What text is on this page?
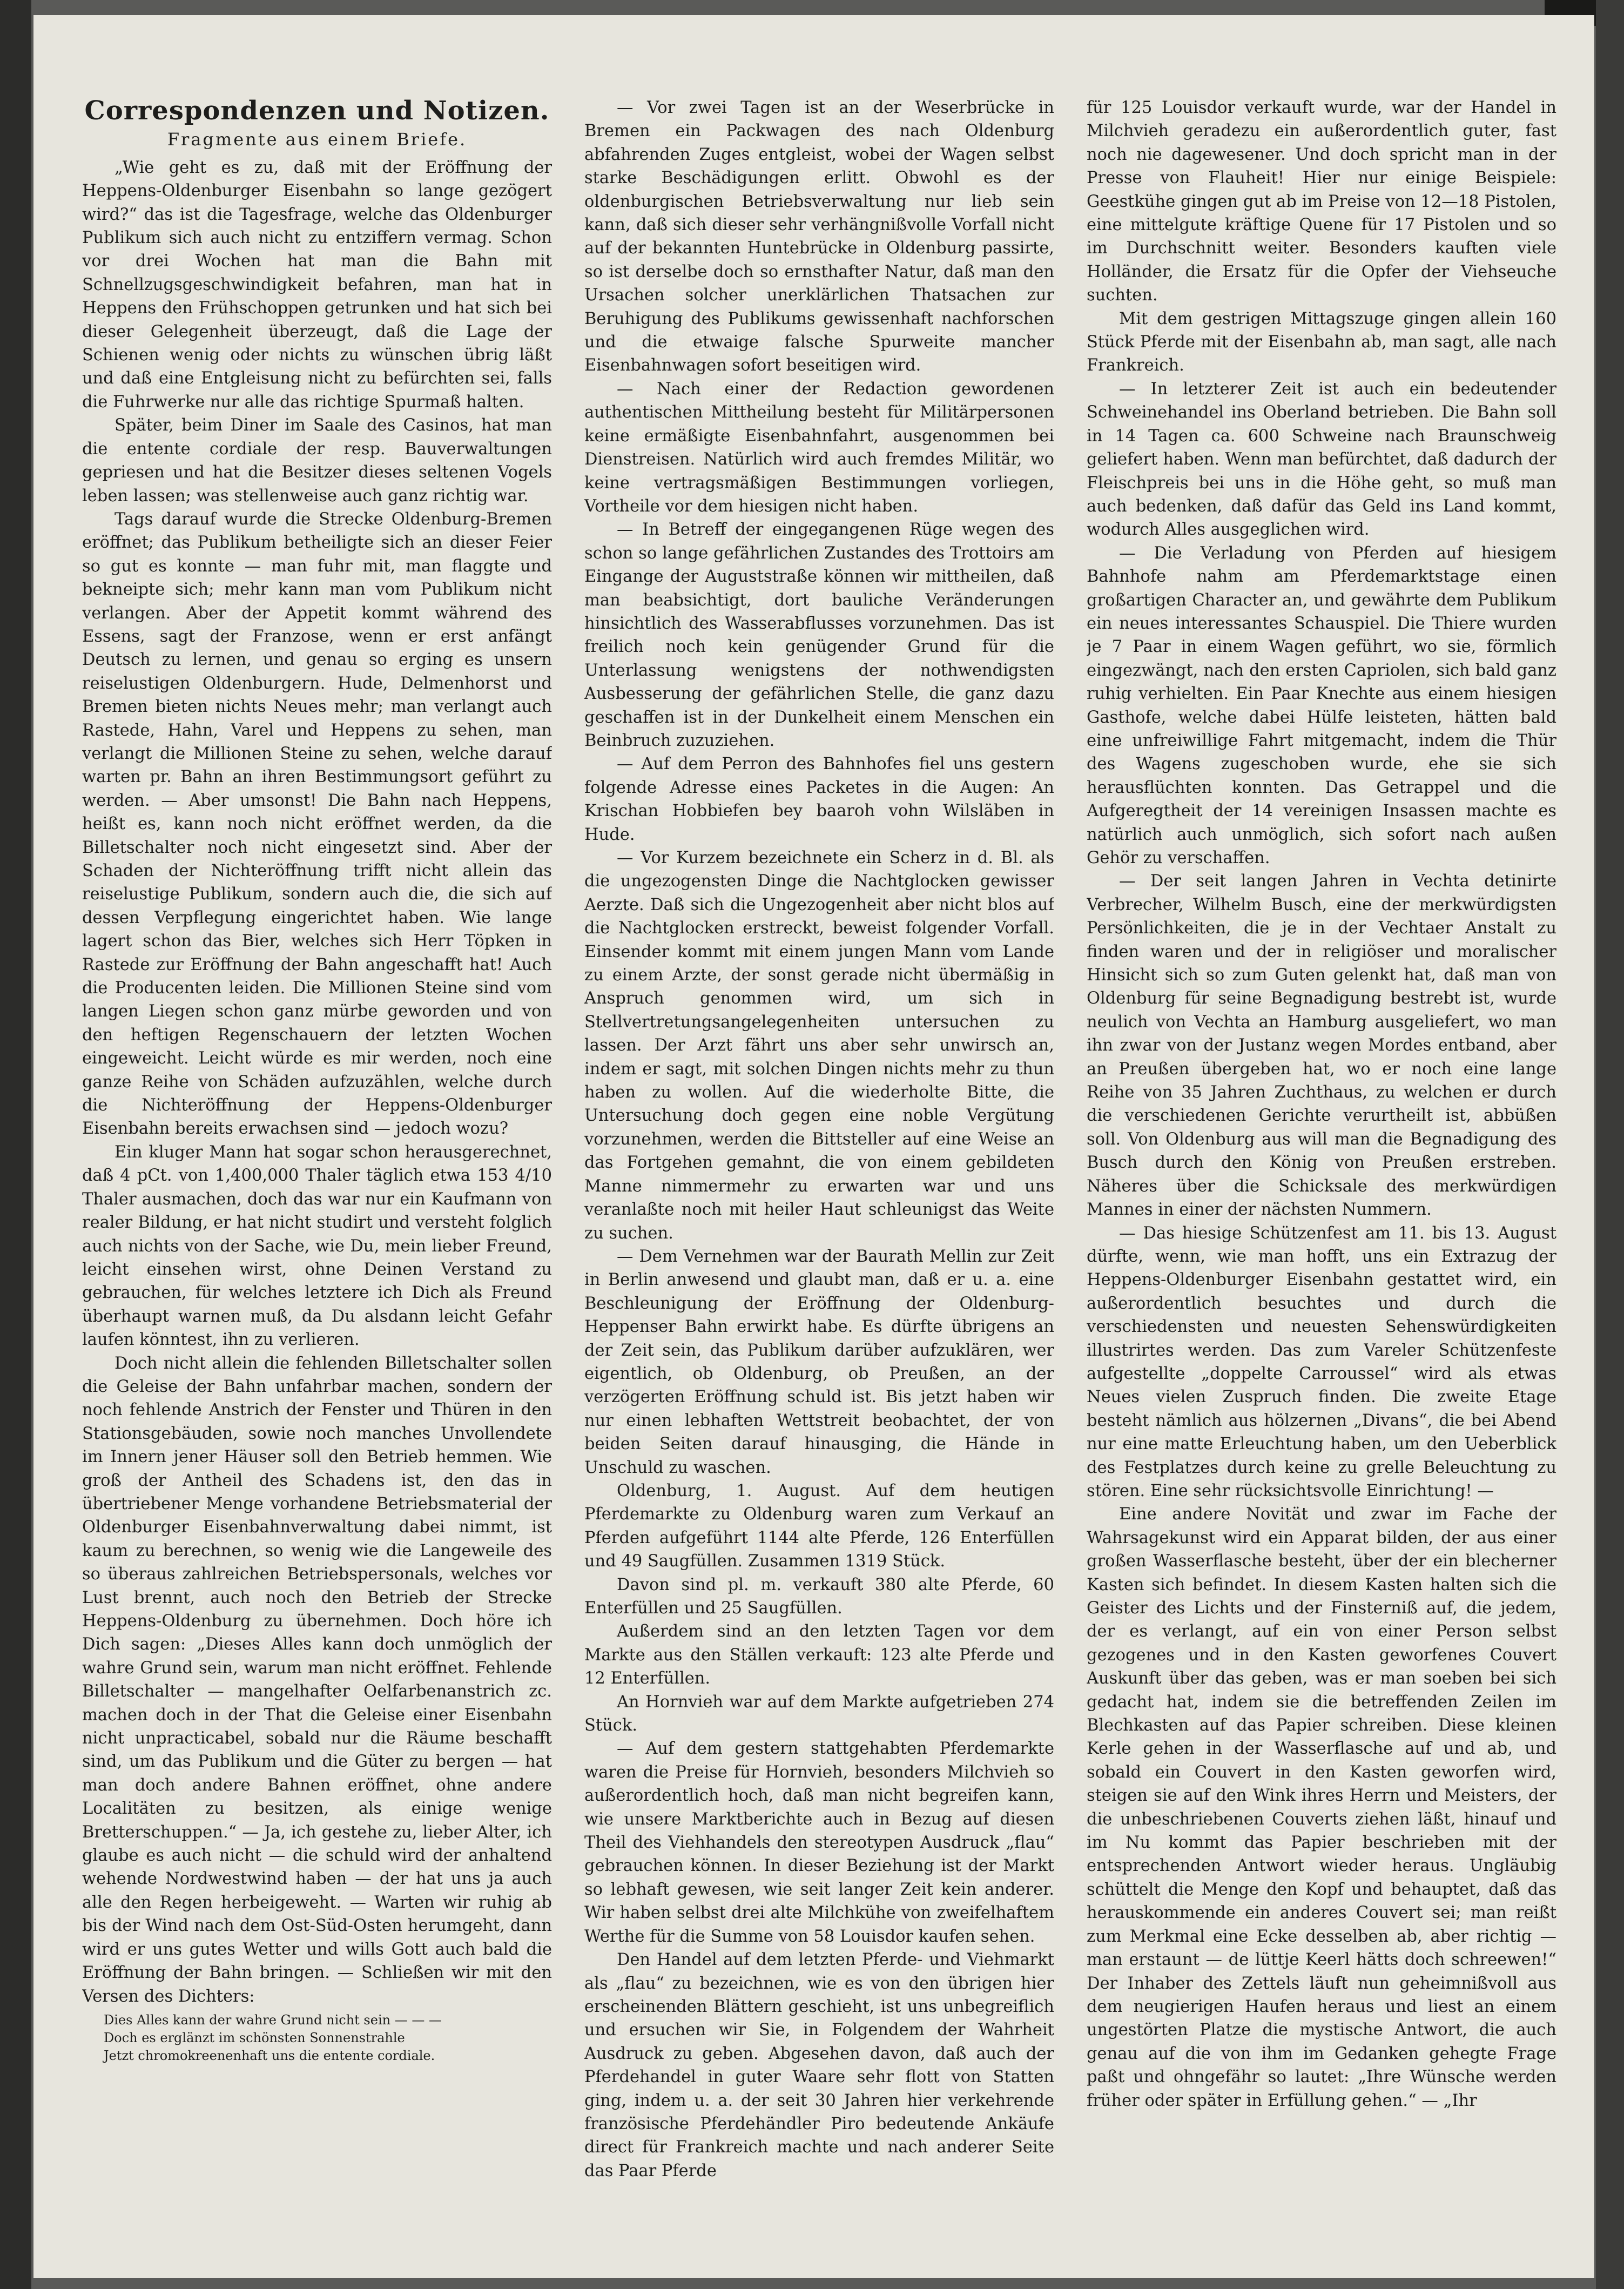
Correspondenzen und Notizen.
Fragmente aus einem Briefe.

„Wie geht es zu, daß mit der Eröffnung der Heppens-Oldenburger Eisenbahn so lange gezögert wird?“ das ist die Tagesfrage, welche das Oldenburger Publikum sich auch nicht zu entziffern vermag. Schon vor drei Wochen hat man die Bahn mit Schnellzugsgeschwindigkeit befahren, man hat in Heppens den Frühschoppen getrunken und hat sich bei dieser Gelegenheit überzeugt, daß die Lage der Schienen wenig oder nichts zu wünschen übrig läßt und daß eine Entgleisung nicht zu befürchten sei, falls die Fuhrwerke nur alle das richtige Spurmaß halten.

Später, beim Diner im Saale des Casinos, hat man die entente cordiale der resp. Bauverwaltungen gepriesen und hat die Besitzer dieses seltenen Vogels leben lassen; was stellenweise auch ganz richtig war.

Tags darauf wurde die Strecke Oldenburg-Bremen eröffnet; das Publikum betheiligte sich an dieser Feier so gut es konnte — man fuhr mit, man flaggte und bekneipte sich; mehr kann man vom Publikum nicht verlangen. Aber der Appetit kommt während des Essens, sagt der Franzose, wenn er erst anfängt Deutsch zu lernen, und genau so erging es unsern reiselustigen Oldenburgern. Hude, Delmenhorst und Bremen bieten nichts Neues mehr; man verlangt auch Rastede, Hahn, Varel und Heppens zu sehen, man verlangt die Millionen Steine zu sehen, welche darauf warten pr. Bahn an ihren Bestimmungsort geführt zu werden. — Aber umsonst! Die Bahn nach Heppens, heißt es, kann noch nicht eröffnet werden, da die Billetschalter noch nicht eingesetzt sind. Aber der Schaden der Nichteröffnung trifft nicht allein das reiselustige Publikum, sondern auch die, die sich auf dessen Verpflegung eingerichtet haben. Wie lange lagert schon das Bier, welches sich Herr Töpken in Rastede zur Eröffnung der Bahn angeschafft hat! Auch die Producenten leiden. Die Millionen Steine sind vom langen Liegen schon ganz mürbe geworden und von den heftigen Regenschauern der letzten Wochen eingeweicht. Leicht würde es mir werden, noch eine ganze Reihe von Schäden aufzuzählen, welche durch die Nichteröffnung der Heppens-Oldenburger Eisenbahn bereits erwachsen sind — jedoch wozu?

Ein kluger Mann hat sogar schon herausgerechnet, daß 4 pCt. von 1,400,000 Thaler täglich etwa 153 4/10 Thaler ausmachen, doch das war nur ein Kaufmann von realer Bildung, er hat nicht studirt und versteht folglich auch nichts von der Sache, wie Du, mein lieber Freund, leicht einsehen wirst, ohne Deinen Verstand zu gebrauchen, für welches letztere ich Dich als Freund überhaupt warnen muß, da Du alsdann leicht Gefahr laufen könntest, ihn zu verlieren.

Doch nicht allein die fehlenden Billetschalter sollen die Geleise der Bahn unfahrbar machen, sondern der noch fehlende Anstrich der Fenster und Thüren in den Stationsgebäuden, sowie noch manches Unvollendete im Innern jener Häuser soll den Betrieb hemmen. Wie groß der Antheil des Schadens ist, den das in übertriebener Menge vorhandene Betriebsmaterial der Oldenburger Eisenbahnverwaltung dabei nimmt, ist kaum zu berechnen, so wenig wie die Langeweile des so überaus zahlreichen Betriebspersonals, welches vor Lust brennt, auch noch den Betrieb der Strecke Heppens-Oldenburg zu übernehmen. Doch höre ich Dich sagen: „Dieses Alles kann doch unmöglich der wahre Grund sein, warum man nicht eröffnet. Fehlende Billetschalter — mangelhafter Oelfarbenanstrich zc. machen doch in der That die Geleise einer Eisenbahn nicht unpracticabel, sobald nur die Räume beschafft sind, um das Publikum und die Güter zu bergen — hat man doch andere Bahnen eröffnet, ohne andere Localitäten zu besitzen, als einige wenige Bretterschuppen.“ — Ja, ich gestehe zu, lieber Alter, ich glaube es auch nicht — die schuld wird der anhaltend wehende Nordwestwind haben — der hat uns ja auch alle den Regen herbeigeweht. — Warten wir ruhig ab bis der Wind nach dem Ost-Süd-Osten herumgeht, dann wird er uns gutes Wetter und wills Gott auch bald die Eröffnung der Bahn bringen. — Schließen wir mit den Versen des Dichters:

Dies Alles kann der wahre Grund nicht sein — — —
Doch es erglänzt im schönsten Sonnenstrahle
Jetzt chromokreenenhaft uns die entente cordiale.

— Vor zwei Tagen ist an der Weserbrücke in Bremen ein Packwagen des nach Oldenburg abfahrenden Zuges entgleist, wobei der Wagen selbst starke Beschädigungen erlitt. Obwohl es der oldenburgischen Betriebsverwaltung nur lieb sein kann, daß sich dieser sehr verhängnißvolle Vorfall nicht auf der bekannten Huntebrücke in Oldenburg passirte, so ist derselbe doch so ernsthafter Natur, daß man den Ursachen solcher unerklärlichen Thatsachen zur Beruhigung des Publikums gewissenhaft nachforschen und die etwaige falsche Spurweite mancher Eisenbahnwagen sofort beseitigen wird.

— Nach einer der Redaction gewordenen authentischen Mittheilung besteht für Militärpersonen keine ermäßigte Eisenbahnfahrt, ausgenommen bei Dienstreisen. Natürlich wird auch fremdes Militär, wo keine vertragsmäßigen Bestimmungen vorliegen, Vortheile vor dem hiesigen nicht haben.

— In Betreff der eingegangenen Rüge wegen des schon so lange gefährlichen Zustandes des Trottoirs am Eingange der Auguststraße können wir mittheilen, daß man beabsichtigt, dort bauliche Veränderungen hinsichtlich des Wasserabflusses vorzunehmen. Das ist freilich noch kein genügender Grund für die Unterlassung wenigstens der nothwendigsten Ausbesserung der gefährlichen Stelle, die ganz dazu geschaffen ist in der Dunkelheit einem Menschen ein Beinbruch zuzuziehen.

— Auf dem Perron des Bahnhofes fiel uns gestern folgende Adresse eines Packetes in die Augen: An Krischan Hobbiefen bey baaroh vohn Wilsläben in Hude.

— Vor Kurzem bezeichnete ein Scherz in d. Bl. als die ungezogensten Dinge die Nachtglocken gewisser Aerzte. Daß sich die Ungezogenheit aber nicht blos auf die Nachtglocken erstreckt, beweist folgender Vorfall. Einsender kommt mit einem jungen Mann vom Lande zu einem Arzte, der sonst gerade nicht übermäßig in Anspruch genommen wird, um sich in Stellvertretungsangelegenheiten untersuchen zu lassen. Der Arzt fährt uns aber sehr unwirsch an, indem er sagt, mit solchen Dingen nichts mehr zu thun haben zu wollen. Auf die wiederholte Bitte, die Untersuchung doch gegen eine noble Vergütung vorzunehmen, werden die Bittsteller auf eine Weise an das Fortgehen gemahnt, die von einem gebildeten Manne nimmermehr zu erwarten war und uns veranlaßte noch mit heiler Haut schleunigst das Weite zu suchen.

— Dem Vernehmen war der Baurath Mellin zur Zeit in Berlin anwesend und glaubt man, daß er u. a. eine Beschleunigung der Eröffnung der Oldenburg-Heppenser Bahn erwirkt habe. Es dürfte übrigens an der Zeit sein, das Publikum darüber aufzuklären, wer eigentlich, ob Oldenburg, ob Preußen, an der verzögerten Eröffnung schuld ist. Bis jetzt haben wir nur einen lebhaften Wettstreit beobachtet, der von beiden Seiten darauf hinausging, die Hände in Unschuld zu waschen.

Oldenburg, 1. August. Auf dem heutigen Pferdemarkte zu Oldenburg waren zum Verkauf an Pferden aufgeführt 1144 alte Pferde, 126 Enterfüllen und 49 Saugfüllen. Zusammen 1319 Stück.

Davon sind pl. m. verkauft 380 alte Pferde, 60 Enterfüllen und 25 Saugfüllen.

Außerdem sind an den letzten Tagen vor dem Markte aus den Ställen verkauft: 123 alte Pferde und 12 Enterfüllen.

An Hornvieh war auf dem Markte aufgetrieben 274 Stück.

— Auf dem gestern stattgehabten Pferdemarkte waren die Preise für Hornvieh, besonders Milchvieh so außerordentlich hoch, daß man nicht begreifen kann, wie unsere Marktberichte auch in Bezug auf diesen Theil des Viehhandels den stereotypen Ausdruck „flau“ gebrauchen können. In dieser Beziehung ist der Markt so lebhaft gewesen, wie seit langer Zeit kein anderer. Wir haben selbst drei alte Milchkühe von zweifelhaftem Werthe für die Summe von 58 Louisdor kaufen sehen.

Den Handel auf dem letzten Pferde- und Viehmarkt als „flau“ zu bezeichnen, wie es von den übrigen hier erscheinenden Blättern geschieht, ist uns unbegreiflich und ersuchen wir Sie, in Folgendem der Wahrheit Ausdruck zu geben. Abgesehen davon, daß auch der Pferdehandel in guter Waare sehr flott von Statten ging, indem u. a. der seit 30 Jahren hier verkehrende französische Pferdehändler Piro bedeutende Ankäufe direct für Frankreich machte und nach anderer Seite das Paar Pferde

für 125 Louisdor verkauft wurde, war der Handel in Milchvieh geradezu ein außerordentlich guter, fast noch nie dagewesener. Und doch spricht man in der Presse von Flauheit! Hier nur einige Beispiele: Geestkühe gingen gut ab im Preise von 12—18 Pistolen, eine mittelgute kräftige Quene für 17 Pistolen und so im Durchschnitt weiter. Besonders kauften viele Holländer, die Ersatz für die Opfer der Viehseuche suchten.

Mit dem gestrigen Mittagszuge gingen allein 160 Stück Pferde mit der Eisenbahn ab, man sagt, alle nach Frankreich.

— In letzterer Zeit ist auch ein bedeutender Schweinehandel ins Oberland betrieben. Die Bahn soll in 14 Tagen ca. 600 Schweine nach Braunschweig geliefert haben. Wenn man befürchtet, daß dadurch der Fleischpreis bei uns in die Höhe geht, so muß man auch bedenken, daß dafür das Geld ins Land kommt, wodurch Alles ausgeglichen wird.

— Die Verladung von Pferden auf hiesigem Bahnhofe nahm am Pferdemarktstage einen großartigen Character an, und gewährte dem Publikum ein neues interessantes Schauspiel. Die Thiere wurden je 7 Paar in einem Wagen geführt, wo sie, förmlich eingezwängt, nach den ersten Capriolen, sich bald ganz ruhig verhielten. Ein Paar Knechte aus einem hiesigen Gasthofe, welche dabei Hülfe leisteten, hätten bald eine unfreiwillige Fahrt mitgemacht, indem die Thür des Wagens zugeschoben wurde, ehe sie sich herausflüchten konnten. Das Getrappel und die Aufgeregtheit der 14 vereinigen Insassen machte es natürlich auch unmöglich, sich sofort nach außen Gehör zu verschaffen.

— Der seit langen Jahren in Vechta detinirte Verbrecher, Wilhelm Busch, eine der merkwürdigsten Persönlichkeiten, die je in der Vechtaer Anstalt zu finden waren und der in religiöser und moralischer Hinsicht sich so zum Guten gelenkt hat, daß man von Oldenburg für seine Begnadigung bestrebt ist, wurde neulich von Vechta an Hamburg ausgeliefert, wo man ihn zwar von der Justanz wegen Mordes entband, aber an Preußen übergeben hat, wo er noch eine lange Reihe von 35 Jahren Zuchthaus, zu welchen er durch die verschiedenen Gerichte verurtheilt ist, abbüßen soll. Von Oldenburg aus will man die Begnadigung des Busch durch den König von Preußen erstreben. Näheres über die Schicksale des merkwürdigen Mannes in einer der nächsten Nummern.

— Das hiesige Schützenfest am 11. bis 13. August dürfte, wenn, wie man hofft, uns ein Extrazug der Heppens-Oldenburger Eisenbahn gestattet wird, ein außerordentlich besuchtes und durch die verschiedensten und neuesten Sehenswürdigkeiten illustrirtes werden. Das zum Vareler Schützenfeste aufgestellte „doppelte Carroussel“ wird als etwas Neues vielen Zuspruch finden. Die zweite Etage besteht nämlich aus hölzernen „Divans“, die bei Abend nur eine matte Erleuchtung haben, um den Ueberblick des Festplatzes durch keine zu grelle Beleuchtung zu stören. Eine sehr rücksichtsvolle Einrichtung! —

Eine andere Novität und zwar im Fache der Wahrsagekunst wird ein Apparat bilden, der aus einer großen Wasserflasche besteht, über der ein blecherner Kasten sich befindet. In diesem Kasten halten sich die Geister des Lichts und der Finsterniß auf, die jedem, der es verlangt, auf ein von einer Person selbst gezogenes und in den Kasten geworfenes Couvert Auskunft über das geben, was er man soeben bei sich gedacht hat, indem sie die betreffenden Zeilen im Blechkasten auf das Papier schreiben. Diese kleinen Kerle gehen in der Wasserflasche auf und ab, und sobald ein Couvert in den Kasten geworfen wird, steigen sie auf den Wink ihres Herrn und Meisters, der die unbeschriebenen Couverts ziehen läßt, hinauf und im Nu kommt das Papier beschrieben mit der entsprechenden Antwort wieder heraus. Ungläubig schüttelt die Menge den Kopf und behauptet, daß das herauskommende ein anderes Couvert sei; man reißt zum Merkmal eine Ecke desselben ab, aber richtig — man erstaunt — de lüttje Keerl hätts doch schreewen!“ Der Inhaber des Zettels läuft nun geheimnißvoll aus dem neugierigen Haufen heraus und liest an einem ungestörten Platze die mystische Antwort, die auch genau auf die von ihm im Gedanken gehegte Frage paßt und ohngefähr so lautet: „Ihre Wünsche werden früher oder später in Erfüllung gehen.“ — „Ihr
